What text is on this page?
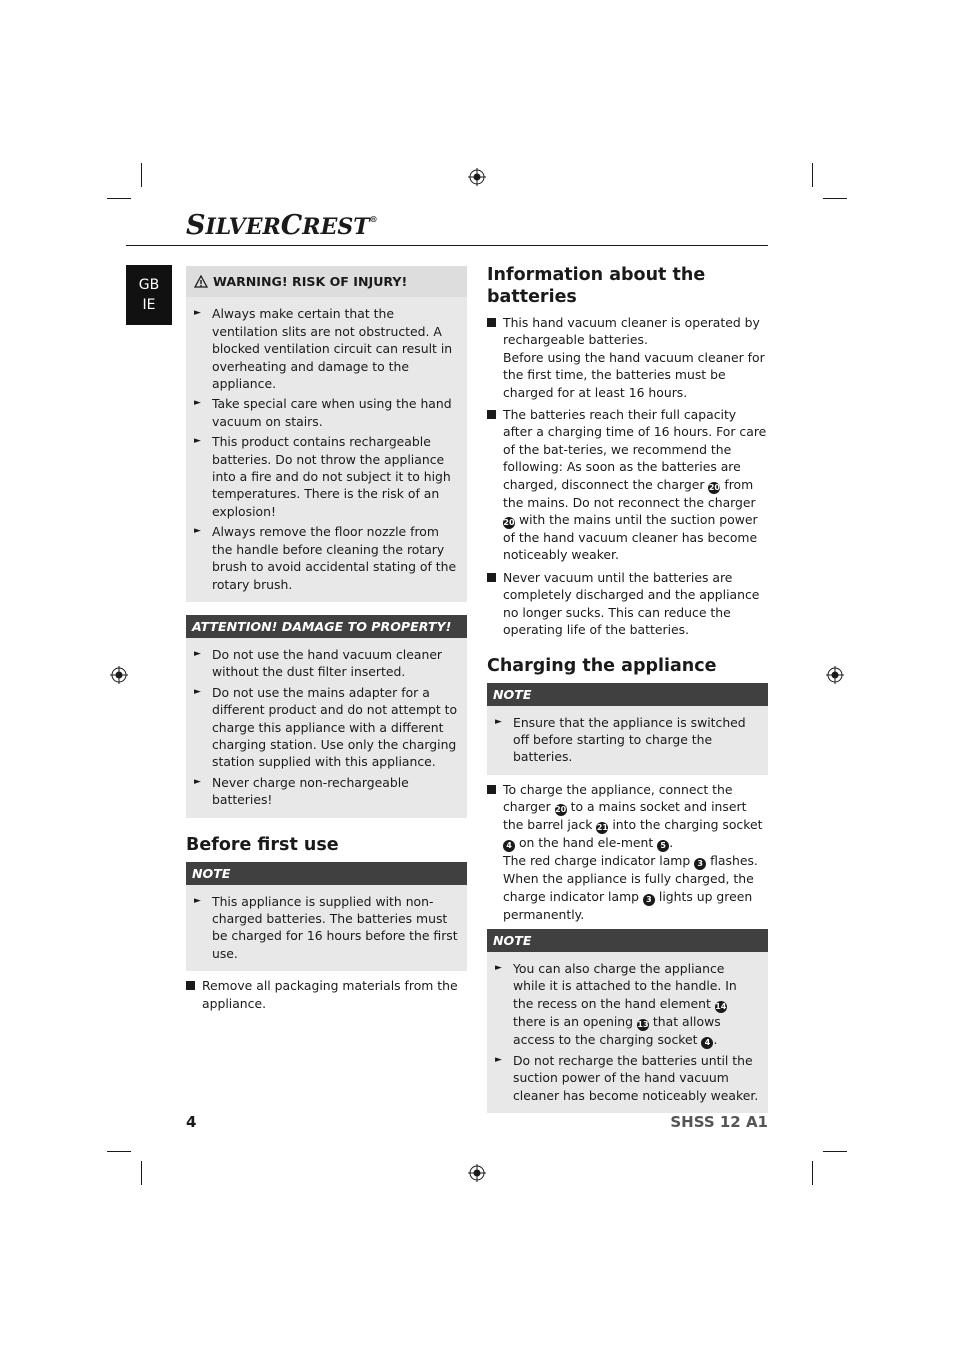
SILVERCREST®
GB
IE
WARNING! RISK OF INJURY!
► Always make certain that the ventilation slits are not obstructed. A blocked ventilation circuit can result in overheating and damage to the appliance.

► Take special care when using the hand vacuum on stairs.

► This product contains rechargeable batteries. Do not throw the appliance into a fire and do not subject it to high temperatures. There is the risk of an explosion!

► Always remove the floor nozzle from the handle before cleaning the rotary brush to avoid accidental stating of the rotary brush.

ATTENTION! DAMAGE TO PROPERTY!
► Do not use the hand vacuum cleaner without the dust filter inserted.

► Do not use the mains adapter for a different product and do not attempt to charge this appliance with a different charging station. Use only the charging station supplied with this appliance.

► Never charge non-rechargeable batteries!

Before first use
NOTE
► This appliance is supplied with non-charged batteries. The batteries must be charged for 16 hours before the first use.

Remove all packaging materials from the appliance.

Information about the batteries

This hand vacuum cleaner is operated by rechargeable batteries.
Before using the hand vacuum cleaner for the first time, the batteries must be charged for at least 16 hours.

The batteries reach their full capacity after a charging time of 16 hours. For care of the bat-teries, we recommend the following: As soon as the batteries are charged, disconnect the charger 20 from the mains. Do not reconnect the charger 20 with the mains until the suction power of the hand vacuum cleaner has become noticeably weaker.

Never vacuum until the batteries are completely discharged and the appliance no longer sucks. This can reduce the operating life of the batteries.

Charging the appliance
NOTE
► Ensure that the appliance is switched off before starting to charge the batteries.

To charge the appliance, connect the charger 20 to a mains socket and insert the barrel jack 21 into the charging socket 4 on the hand ele-ment 5 .
The red charge indicator lamp 3 flashes.
When the appliance is fully charged, the charge indicator lamp 3 lights up green permanently.

NOTE
► You can also charge the appliance while it is attached to the handle. In the recess on the hand element 14 there is an opening 13 that allows access to the charging socket 4 .

► Do not recharge the batteries until the suction power of the hand vacuum cleaner has become noticeably weaker.

4	SHSS 12 A1
